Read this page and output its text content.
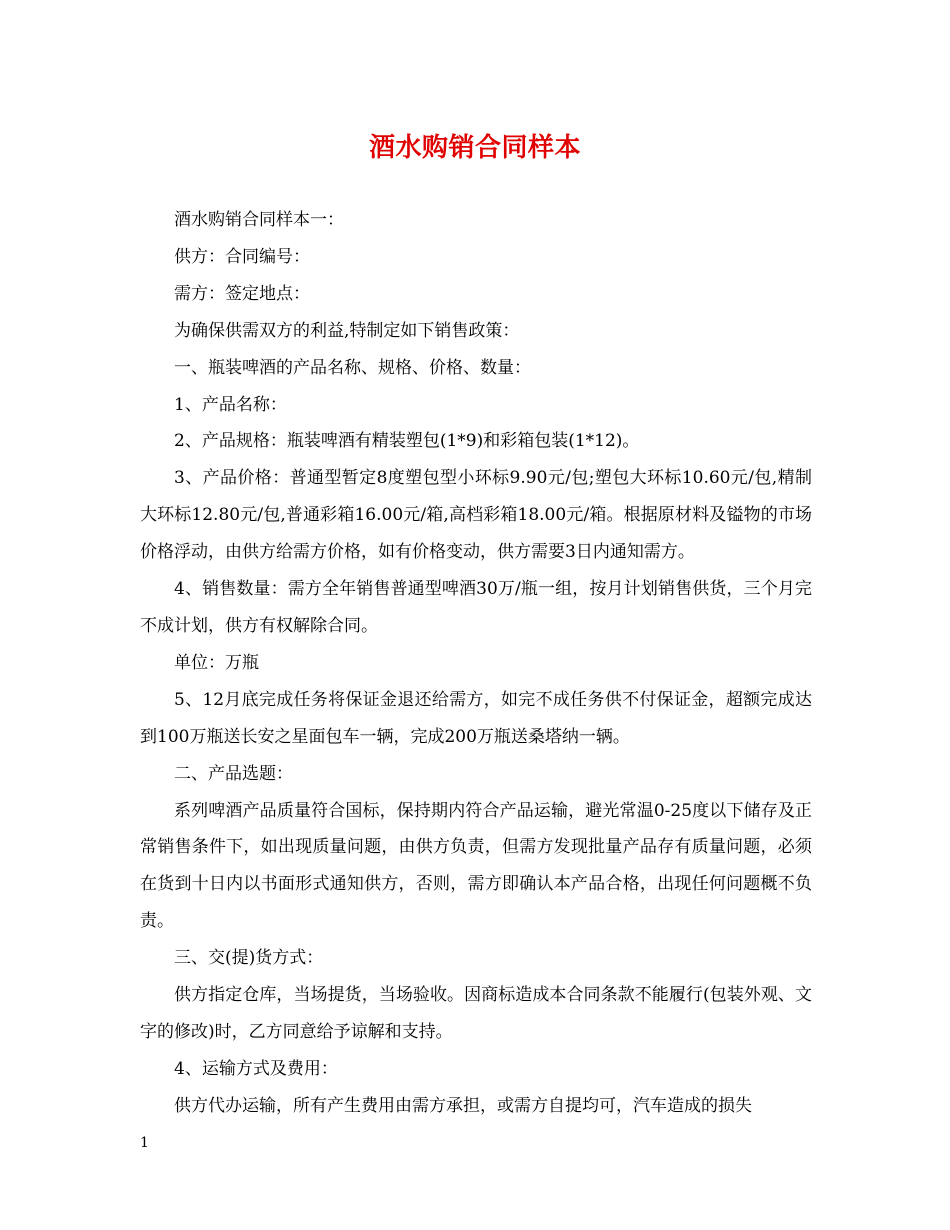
酒水购销合同样本

酒水购销合同样本一：

供方：合同编号：

需方：签定地点：

为确保供需双方的利益,特制定如下销售政策：

一、瓶装啤酒的产品名称、规格、价格、数量：

1、产品名称：

2、产品规格：瓶装啤酒有精装塑包(1*9)和彩箱包装(1*12)。

3、产品价格：普通型暂定8度塑包型小环标9.90元/包;塑包大环标10.60元/包,精制大环标12.80元/包,普通彩箱16.00元/箱,高档彩箱18.00元/箱。根据原材料及镒物的市场价格浮动，由供方给需方价格，如有价格变动，供方需要3日内通知需方。

4、销售数量：需方全年销售普通型啤酒30万/瓶一组，按月计划销售供货，三个月完不成计划，供方有权解除合同。

单位：万瓶

5、12月底完成任务将保证金退还给需方，如完不成任务供不付保证金，超额完成达到100万瓶送长安之星面包车一辆，完成200万瓶送桑塔纳一辆。

二、产品选题：

系列啤酒产品质量符合国标，保持期内符合产品运输，避光常温0-25度以下储存及正常销售条件下，如出现质量问题，由供方负责，但需方发现批量产品存有质量问题，必须在货到十日内以书面形式通知供方，否则，需方即确认本产品合格，出现任何问题概不负责。

三、交(提)货方式：

供方指定仓库，当场提货，当场验收。因商标造成本合同条款不能履行(包装外观、文字的修改)时，乙方同意给予谅解和支持。

4、运输方式及费用：

供方代办运输，所有产生费用由需方承担，或需方自提均可，汽车造成的损失

1
